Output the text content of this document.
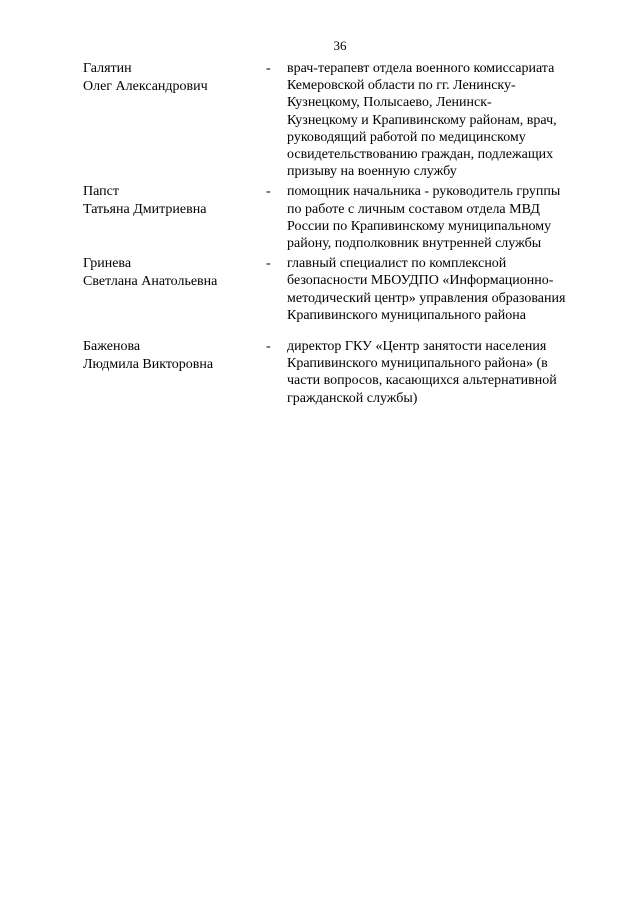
36
Галятин
Олег Александрович
- врач-терапевт отдела военного комиссариата
Кемеровской области по гг. Ленинску-
Кузнецкому, Полысаево, Ленинск-
Кузнецкому и Крапивинскому районам, врач,
руководящий работой по медицинскому
освидетельствованию граждан, подлежащих
призыву на военную службу
Папст
Татьяна Дмитриевна
- помощник начальника - руководитель группы
по работе с личным составом отдела МВД
России по Крапивинскому муниципальному
району, подполковник внутренней службы
Гринева
Светлана Анатольевна
- главный специалист по комплексной
безопасности МБОУДПО «Информационно-
методический центр» управления образования
Крапивинского муниципального района
Баженова
Людмила Викторовна
- директор ГКУ «Центр занятости населения
Крапивинского муниципального района» (в
части вопросов, касающихся альтернативной
гражданской службы)
